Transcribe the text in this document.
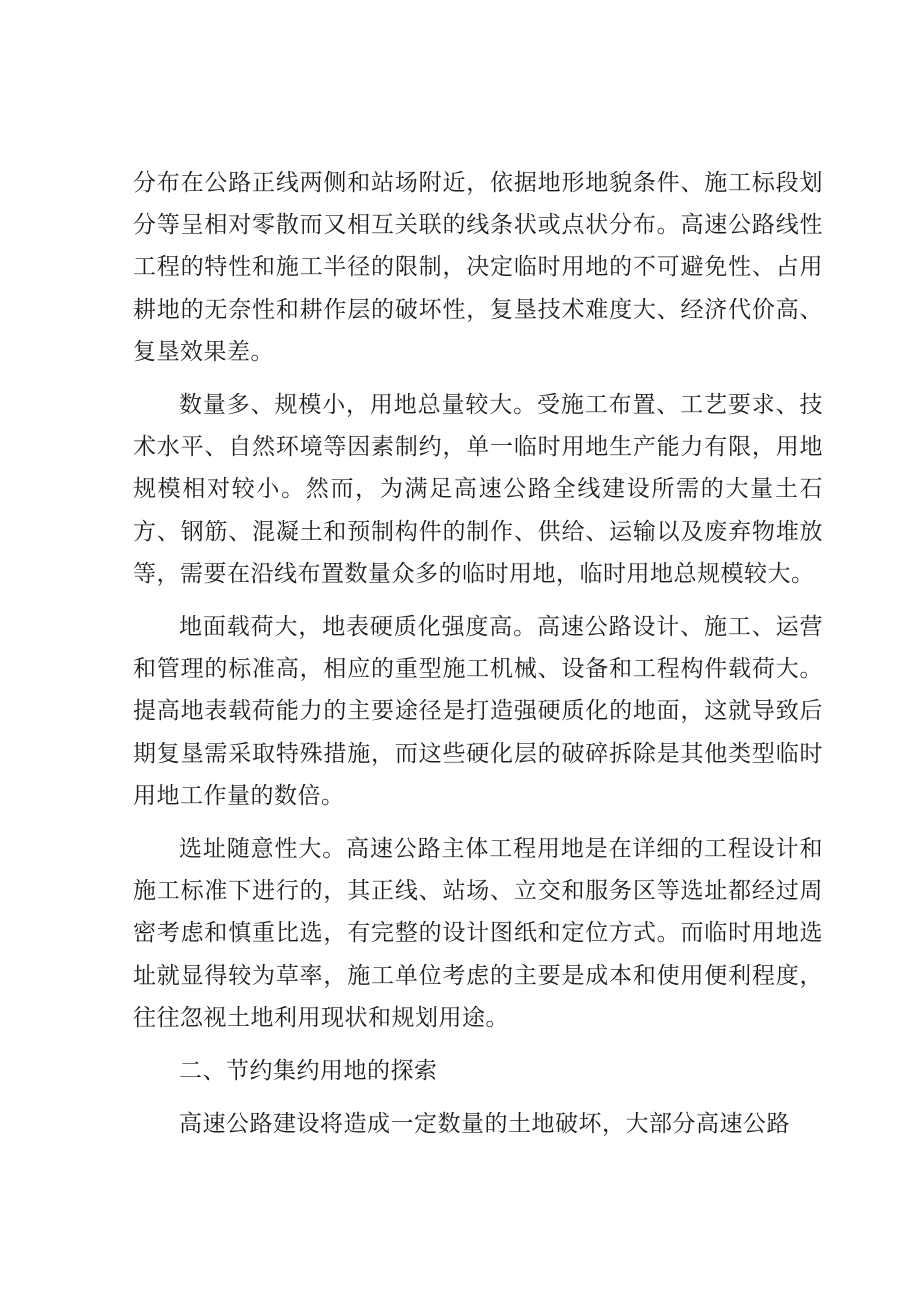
分布在公路正线两侧和站场附近，依据地形地貌条件、施工标段划分等呈相对零散而又相互关联的线条状或点状分布。高速公路线性工程的特性和施工半径的限制，决定临时用地的不可避免性、占用耕地的无奈性和耕作层的破坏性，复垦技术难度大、经济代价高、复垦效果差。

数量多、规模小，用地总量较大。受施工布置、工艺要求、技术水平、自然环境等因素制约，单一临时用地生产能力有限，用地规模相对较小。然而，为满足高速公路全线建设所需的大量土石方、钢筋、混凝土和预制构件的制作、供给、运输以及废弃物堆放等，需要在沿线布置数量众多的临时用地，临时用地总规模较大。

地面载荷大，地表硬质化强度高。高速公路设计、施工、运营和管理的标准高，相应的重型施工机械、设备和工程构件载荷大。提高地表载荷能力的主要途径是打造强硬质化的地面，这就导致后期复垦需采取特殊措施，而这些硬化层的破碎拆除是其他类型临时用地工作量的数倍。

选址随意性大。高速公路主体工程用地是在详细的工程设计和施工标准下进行的，其正线、站场、立交和服务区等选址都经过周密考虑和慎重比选，有完整的设计图纸和定位方式。而临时用地选址就显得较为草率，施工单位考虑的主要是成本和使用便利程度，往往忽视土地利用现状和规划用途。

二、节约集约用地的探索

高速公路建设将造成一定数量的土地破坏，大部分高速公路
